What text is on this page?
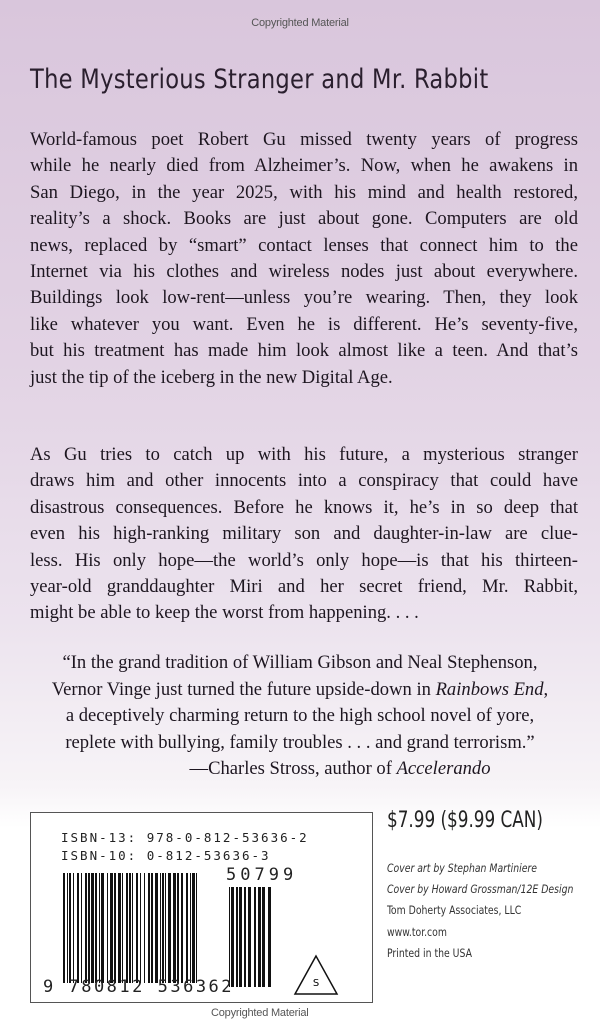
Copyrighted Material
The Mysterious Stranger and Mr. Rabbit
World-famous poet Robert Gu missed twenty years of progress
while he nearly died from Alzheimer’s. Now, when he awakens in
San Diego, in the year 2025, with his mind and health restored,
reality’s a shock. Books are just about gone. Computers are old
news, replaced by “smart” contact lenses that connect him to the
Internet via his clothes and wireless nodes just about everywhere.
Buildings look low-rent—unless you’re wearing. Then, they look
like whatever you want. Even he is different. He’s seventy-five,
but his treatment has made him look almost like a teen. And that’s
just the tip of the iceberg in the new Digital Age.
As Gu tries to catch up with his future, a mysterious stranger
draws him and other innocents into a conspiracy that could have
disastrous consequences. Before he knows it, he’s in so deep that
even his high-ranking military son and daughter-in-law are clue-
less. His only hope—the world’s only hope—is that his thirteen-
year-old granddaughter Miri and her secret friend, Mr. Rabbit,
might be able to keep the worst from happening. . . .
“In the grand tradition of William Gibson and Neal Stephenson,
Vernor Vinge just turned the future upside-down in Rainbows End,
a deceptively charming return to the high school novel of yore,
replete with bullying, family troubles . . . and grand terrorism.”
—Charles Stross, author of Accelerando
ISBN-13: 978-0-812-53636-2
ISBN-10: 0-812-53636-3
S
9 780812 536362
50799
$7.99 ($9.99 CAN)
Cover art by Stephan Martiniere
Cover by Howard Grossman/12E Design
Tom Doherty Associates, LLC
www.tor.com
Printed in the USA
Copyrighted Material
